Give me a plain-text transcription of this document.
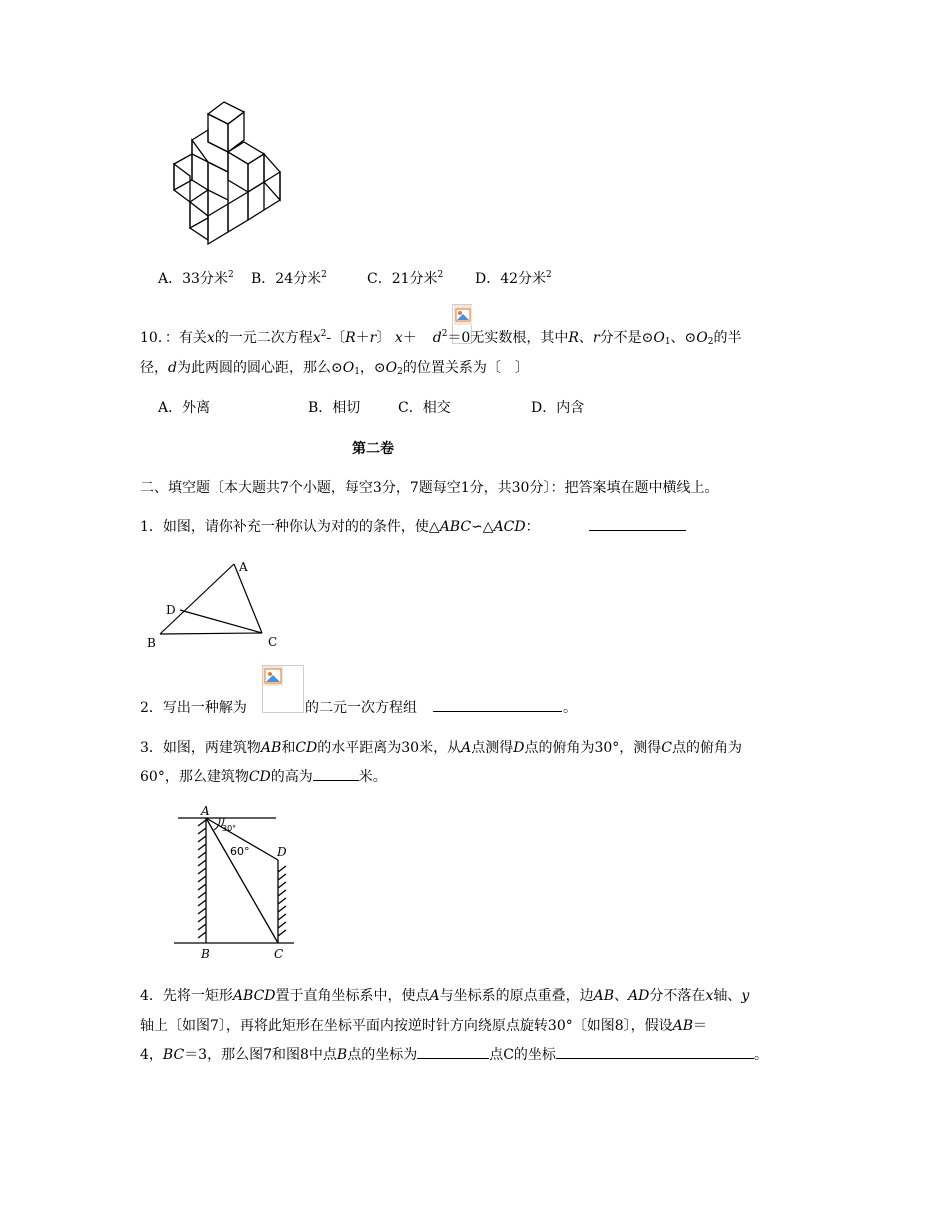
A．33分米$^2$ B．24分米$^2$	C．21分米$^2$ D．42分米$^2$
10．：有关x的一元二次方程$x^2-$〔R＋r〕 $x+ d^2=0$无实数根，其中R、r分不是$⊙O_1$、$⊙O_2$的半
径，d为此两圆的圆心距，那么$⊙O_1$，$⊙O_2$的位置关系为〔　〕
A．外离	B．相切	C．相交	D．内含
第二卷
二、填空题〔本大题共7个小题，每空3分，7题每空1分，共30分〕：把答案填在题中横线上。
1．如图，请你补充一种你认为对的的条件，使△ABC∽△ACD：
A
D
B	C
2．写出一种解为	的二元一次方程组	。
3．如图，两建筑物AB和CD的水平距离为30米，从A点测得D点的俯角为30°，测得C点的俯角为
60°，那么建筑物CD的高为	米。
30°
60°
A
D
B	C
4．先将一矩形ABCD置于直角坐标系中，使点A与坐标系的原点重叠，边AB、AD分不落在x轴、y
轴上〔如图7〕，再将此矩形在坐标平面内按逆时针方向绕原点旋转30°〔如图8〕，假设AB＝
4，BC＝3，那么图7和图8中点B点的坐标为	点C的坐标	。
